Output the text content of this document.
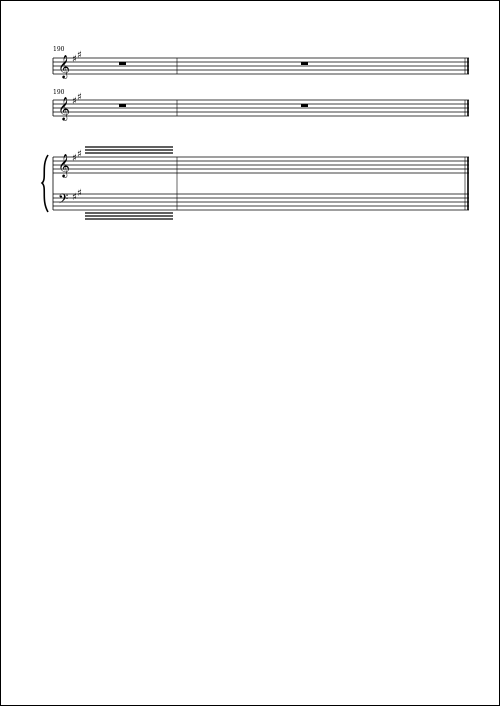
𝄞
𝄞
𝄞
𝄢
♯ ♯
♯ ♯
♯ ♯
♯ ♯
190
190
